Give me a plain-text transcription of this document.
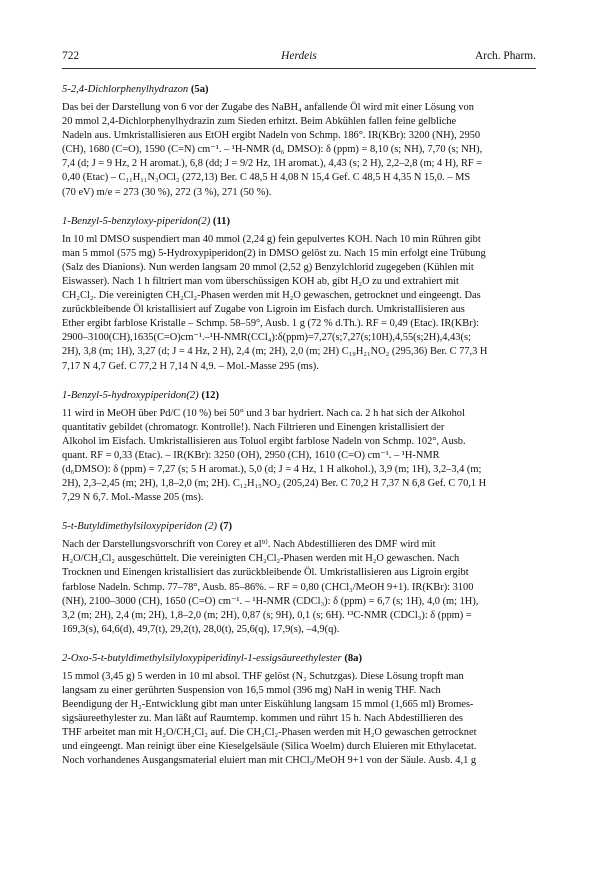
722	Herdeis	Arch. Pharm.
5-2,4-Dichlorphenylhydrazon (5a)
Das bei der Darstellung von 6 vor der Zugabe des NaBH₄ anfallende Öl wird mit einer Lösung von
20 mmol 2,4-Dichlorphenylhydrazin zum Sieden erhitzt. Beim Abkühlen fallen feine gelbliche
Nadeln aus. Umkristallisieren aus EtOH ergibt Nadeln von Schmp. 186°. IR(KBr): 3200 (NH), 2950
(CH), 1680 (C=O), 1590 (C=N) cm⁻¹. – ¹H-NMR (d₆ DMSO): δ (ppm) = 8,10 (s; NH), 7,70 (s; NH),
7,4 (d; J = 9 Hz, 2 H aromat.), 6,8 (dd; J = 9/2 Hz, 1H aromat.), 4,43 (s; 2 H), 2,2–2,8 (m; 4 H), RF =
0,40 (Etac) – C₁₁H₁₁N₃OCl₂ (272,13) Ber. C 48,5 H 4,08 N 15,4 Gef. C 48,5 H 4,35 N 15,0. – MS
(70 eV) m/e = 273 (30 %), 272 (3 %), 271 (50 %).
1-Benzyl-5-benzyloxy-piperidon(2) (11)
In 10 ml DMSO suspendiert man 40 mmol (2,24 g) fein gepulvertes KOH. Nach 10 min Rühren gibt
man 5 mmol (575 mg) 5-Hydroxypiperidon(2) in DMSO gelöst zu. Nach 15 min erfolgt eine Trübung
(Salz des Dianions). Nun werden langsam 20 mmol (2,52 g) Benzylchlorid zugegeben (Kühlen mit
Eiswasser). Nach 1 h filtriert man vom überschüssigen KOH ab, gibt H₂O zu und extrahiert mit
CH₂Cl₂. Die vereinigten CH₂Cl₂-Phasen werden mit H₂O gewaschen, getrocknet und eingeengt. Das
zurückbleibende Öl kristallisiert auf Zugabe von Ligroin im Eisfach durch. Umkristallisieren aus
Ether ergibt farblose Kristalle – Schmp. 58–59°, Ausb. 1 g (72 % d.Th.). RF = 0,49 (Etac). IR(KBr):
2900–3100(CH),1635(C=O)cm⁻¹.–¹H-NMR(CCl₄):δ(ppm)=7,27(s;7,27(s;10H),4,55(s;2H),4,43(s;
2H), 3,8 (m; 1H), 3,27 (d; J = 4 Hz, 2 H), 2,4 (m; 2H), 2,0 (m; 2H) C₁₉H₂₁NO₂ (295,36) Ber. C 77,3 H
7,17 N 4,7 Gef. C 77,2 H 7,14 N 4,9. – Mol.-Masse 295 (ms).
1-Benzyl-5-hydroxypiperidon(2) (12)
11 wird in MeOH über Pd/C (10 %) bei 50° und 3 bar hydriert. Nach ca. 2 h hat sich der Alkohol
quantitativ gebildet (chromatogr. Kontrolle!). Nach Filtrieren und Einengen kristallisiert der
Alkohol im Eisfach. Umkristallisieren aus Toluol ergibt farblose Nadeln von Schmp. 102°, Ausb.
quant. RF = 0,33 (Etac). – IR(KBr): 3250 (OH), 2950 (CH), 1610 (C=O) cm⁻¹. – ¹H-NMR
(d₆DMSO): δ (ppm) = 7,27 (s; 5 H aromat.), 5,0 (d; J = 4 Hz, 1 H alkohol.), 3,9 (m; 1H), 3,2–3,4 (m;
2H), 2,3–2,45 (m; 2H), 1,8–2,0 (m; 2H). C₁₂H₁₅NO₂ (205,24) Ber. C 70,2 H 7,37 N 6,8 Gef. C 70,1 H
7,29 N 6,7. Mol.-Masse 205 (ms).
5-t-Butyldimethylsiloxypiperidon (2) (7)
Nach der Darstellungsvorschrift von Corey et al⁹⁾. Nach Abdestillieren des DMF wird mit
H₂O/CH₂Cl₂ ausgeschüttelt. Die vereinigten CH₂Cl₂-Phasen werden mit H₂O gewaschen. Nach
Trocknen und Einengen kristallisiert das zurückbleibende Öl. Umkristallisieren aus Ligroin ergibt
farblose Nadeln. Schmp. 77–78°, Ausb. 85–86%. – RF = 0,80 (CHCl₃/MeOH 9+1). IR(KBr): 3100
(NH), 2100–3000 (CH), 1650 (C=O) cm⁻¹. – ¹H-NMR (CDCl₃): δ (ppm) = 6,7 (s; 1H), 4,0 (m; 1H),
3,2 (m; 2H), 2,4 (m; 2H), 1,8–2,0 (m; 2H), 0,87 (s; 9H), 0,1 (s; 6H). ¹³C-NMR (CDCl₃): δ (ppm) =
169,3(s), 64,6(d), 49,7(t), 29,2(t), 28,0(t), 25,6(q), 17,9(s), –4,9(q).
2-Oxo-5-t-butyldimethylsilyloxypiperidinyl-1-essigsäureethylester (8a)
15 mmol (3,45 g) 5 werden in 10 ml absol. THF gelöst (N₂ Schutzgas). Diese Lösung tropft man
langsam zu einer gerührten Suspension von 16,5 mmol (396 mg) NaH in wenig THF. Nach
Beendigung der H₂-Entwicklung gibt man unter Eiskühlung langsam 15 mmol (1,665 ml) Bromes-
sigsäureethylester zu. Man läßt auf Raumtemp. kommen und rührt 15 h. Nach Abdestillieren des
THF arbeitet man mit H₂O/CH₂Cl₂ auf. Die CH₂Cl₂-Phasen werden mit H₂O gewaschen getrocknet
und eingeengt. Man reinigt über eine Kieselgelsäule (Silica Woelm) durch Eluieren mit Ethylacetat.
Noch vorhandenes Ausgangsmaterial eluiert man mit CHCl₃/MeOH 9+1 von der Säule. Ausb. 4,1 g
